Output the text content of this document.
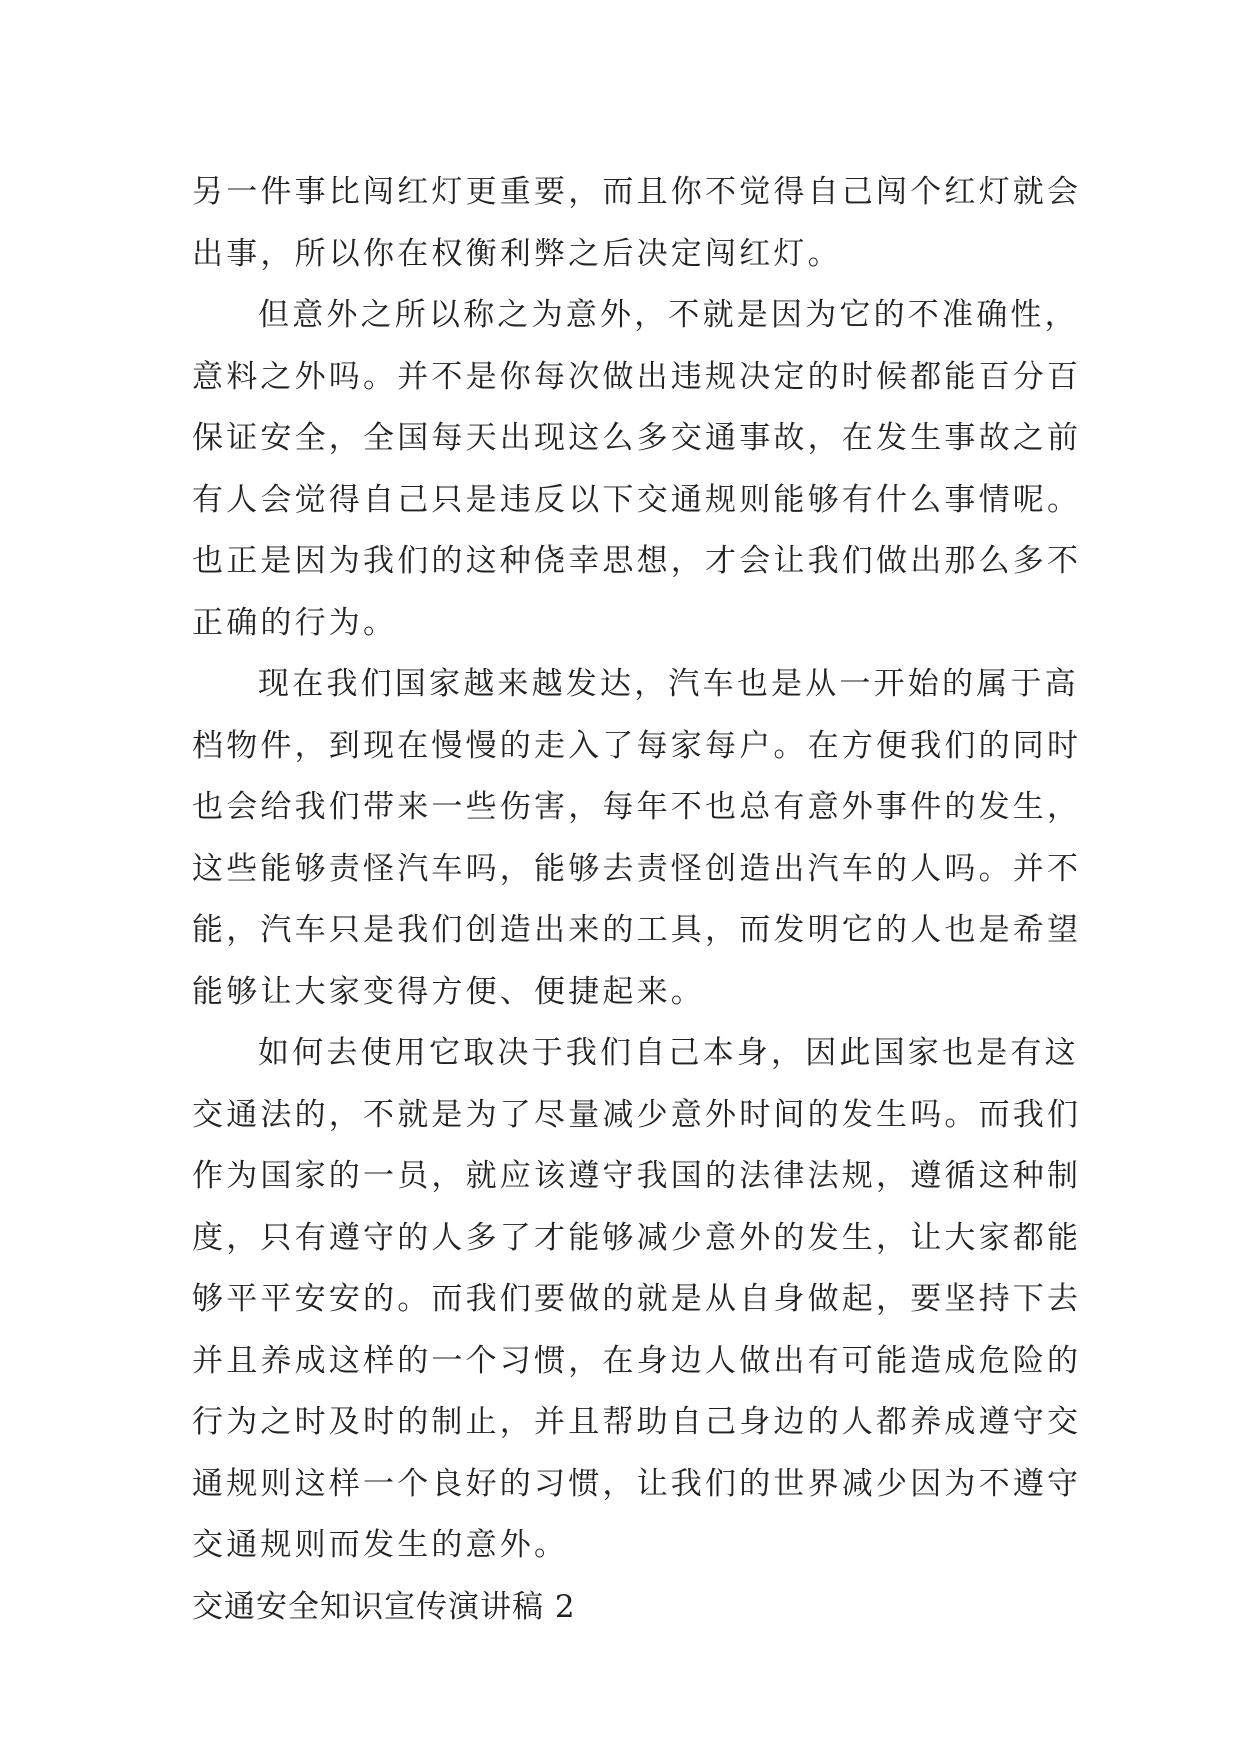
另一件事比闯红灯更重要，而且你不觉得自己闯个红灯就会
出事，所以你在权衡利弊之后决定闯红灯。
但意外之所以称之为意外，不就是因为它的不准确性，
意料之外吗。并不是你每次做出违规决定的时候都能百分百
保证安全，全国每天出现这么多交通事故，在发生事故之前
有人会觉得自己只是违反以下交通规则能够有什么事情呢。
也正是因为我们的这种侥幸思想，才会让我们做出那么多不
正确的行为。
现在我们国家越来越发达，汽车也是从一开始的属于高
档物件，到现在慢慢的走入了每家每户。在方便我们的同时
也会给我们带来一些伤害，每年不也总有意外事件的发生，
这些能够责怪汽车吗，能够去责怪创造出汽车的人吗。并不
能，汽车只是我们创造出来的工具，而发明它的人也是希望
能够让大家变得方便、便捷起来。
如何去使用它取决于我们自己本身，因此国家也是有这
交通法的，不就是为了尽量减少意外时间的发生吗。而我们
作为国家的一员，就应该遵守我国的法律法规，遵循这种制
度，只有遵守的人多了才能够减少意外的发生，让大家都能
够平平安安的。而我们要做的就是从自身做起，要坚持下去
并且养成这样的一个习惯，在身边人做出有可能造成危险的
行为之时及时的制止，并且帮助自己身边的人都养成遵守交
通规则这样一个良好的习惯，让我们的世界减少因为不遵守
交通规则而发生的意外。
交通安全知识宣传演讲稿 2
